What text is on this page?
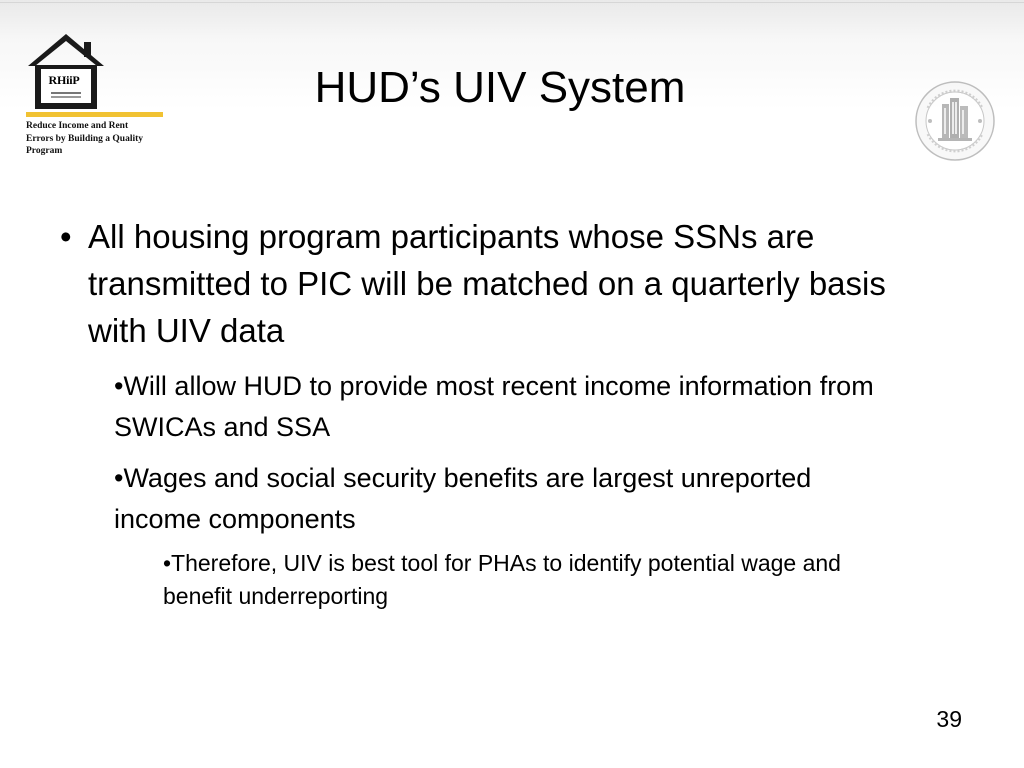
RHiiP
Reduce Income and Rent
Errors by Building a Quality
Program
HUD’s UIV System
• All housing program participants whose SSNs are transmitted to PIC will be matched on a quarterly basis with UIV data
•Will allow HUD to provide most recent income information from SWICAs and SSA
•Wages and social security benefits are largest unreported income components
•Therefore, UIV is best tool for PHAs to identify potential wage and benefit underreporting
39
